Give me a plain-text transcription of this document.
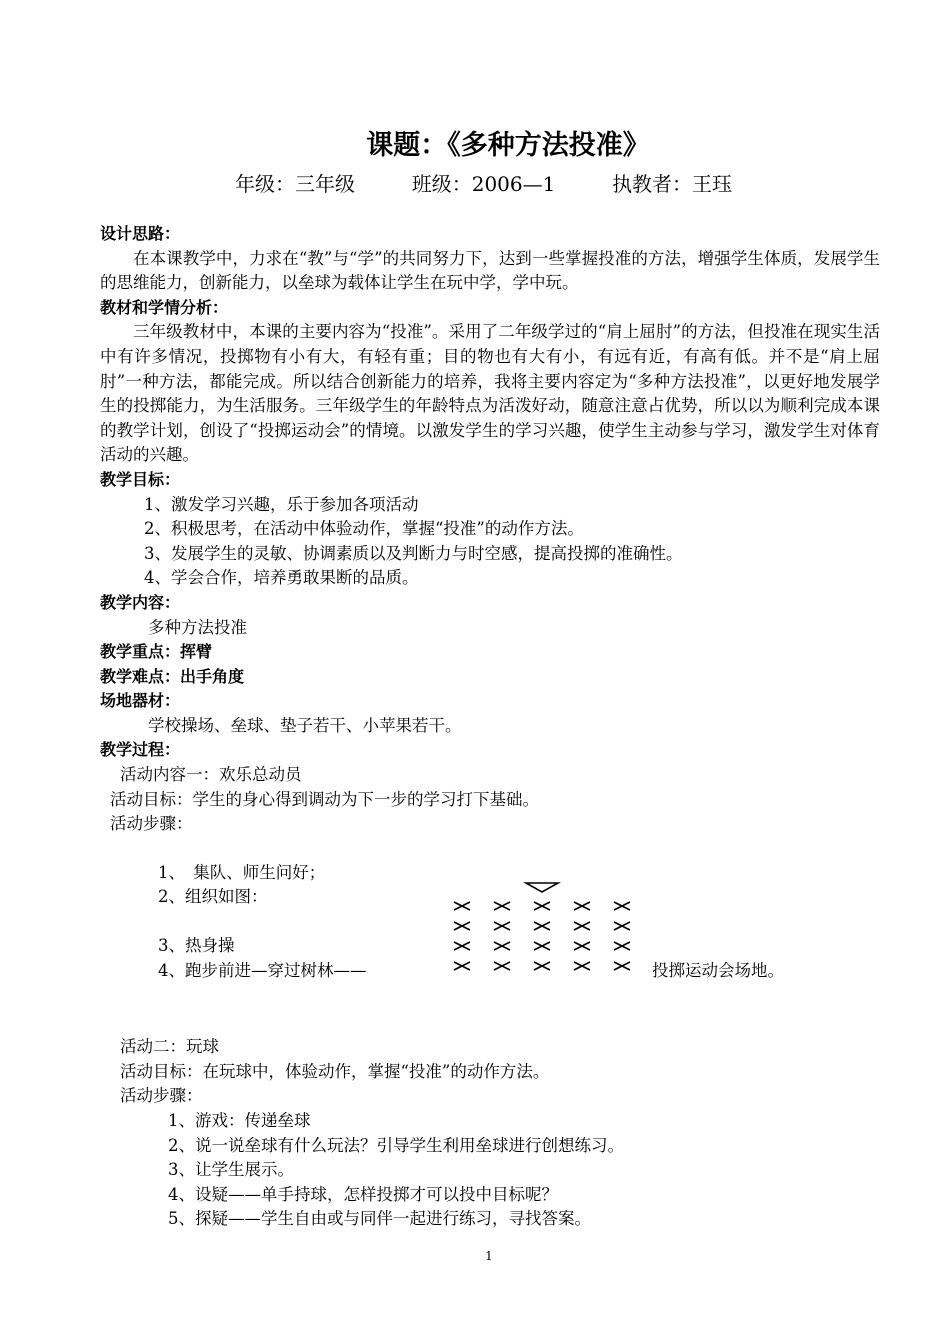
课题：《多种方法投准》
年级：三年级	班级：2006—1	执教者：王珏

设计思路：

在本课教学中，力求在“教”与“学”的共同努力下，达到一些掌握投准的方法，增强学生体质，发展学生的思维能力，创新能力，以垒球为载体让学生在玩中学，学中玩。

教材和学情分析：

三年级教材中，本课的主要内容为“投准”。采用了二年级学过的“肩上屈肘”的方法，但投准在现实生活中有许多情况，投掷物有小有大，有轻有重；目的物也有大有小，有远有近，有高有低。并不是“肩上屈肘”一种方法，都能完成。所以结合创新能力的培养，我将主要内容定为“多种方法投准”，以更好地发展学生的投掷能力，为生活服务。三年级学生的年龄特点为活泼好动，随意注意占优势，所以以为顺利完成本课的教学计划，创设了“投掷运动会”的情境。以激发学生的学习兴趣，使学生主动参与学习，激发学生对体育活动的兴趣。

教学目标：

1、激发学习兴趣，乐于参加各项活动

2、积极思考，在活动中体验动作，掌握“投准”的动作方法。

3、发展学生的灵敏、协调素质以及判断力与时空感，提高投掷的准确性。

4、学会合作，培养勇敢果断的品质。

教学内容：

多种方法投准

教学重点：挥臂

教学难点：出手角度

场地器材：

学校操场、垒球、垫子若干、小苹果若干。

教学过程：

活动内容一：欢乐总动员

活动目标：学生的身心得到调动为下一步的学习打下基础。

活动步骤：

1、　集队、师生问好；

2、组织如图：

3、热身操

4、跑步前进—穿过树林——	投掷运动会场地。

活动二：玩球

活动目标：在玩球中，体验动作，掌握“投准”的动作方法。

活动步骤：

1、游戏：传递垒球

2、说一说垒球有什么玩法？引导学生利用垒球进行创想练习。

3、让学生展示。

4、设疑——单手持球，怎样投掷才可以投中目标呢？

5、探疑——学生自由或与同伴一起进行练习，寻找答案。

1
